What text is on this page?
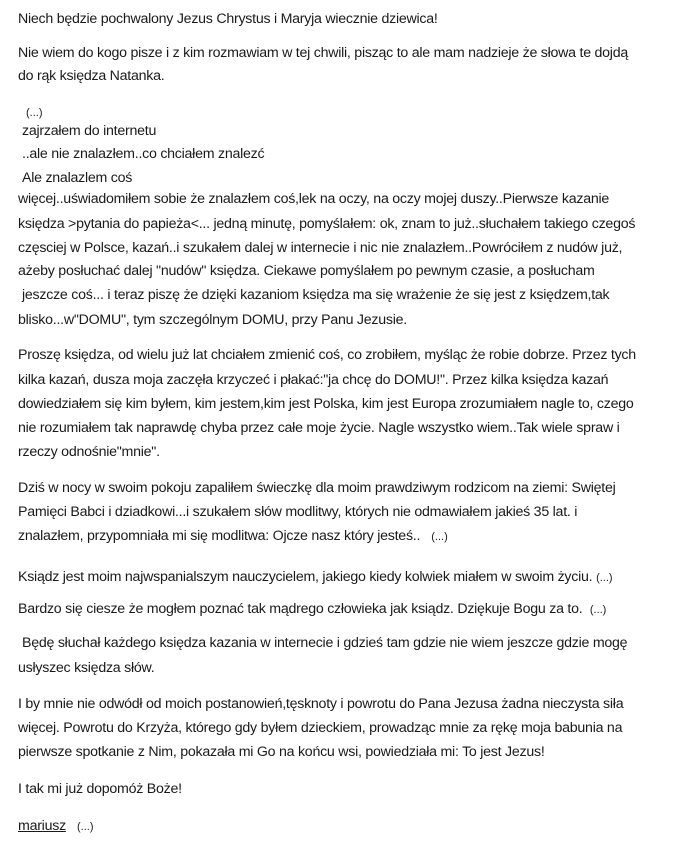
Niech będzie pochwalony Jezus Chrystus i Maryja wiecznie dziewica!
Nie wiem do kogo pisze i z kim rozmawiam w tej chwili, pisząc to ale mam nadzieje że słowa te dojdą
do rąk księdza Natanka.
(...)
zajrzałem do internetu
..ale nie znalazłem..co chciałem znalezć
Ale znalazlem coś
więcej..uświadomiłem sobie że znalazłem coś,lek na oczy, na oczy mojej duszy..Pierwsze kazanie
księdza >pytania do papieża<... jedną minutę, pomyślałem: ok, znam to już..słuchałem takiego czegoś
częsciej w Polsce, kazań..i szukałem dalej w internecie i nic nie znalazłem..Powróciłem z nudów już,
ażeby posłuchać dalej "nudów" księdza. Ciekawe pomyślałem po pewnym czasie, a posłucham
jeszcze coś... i teraz piszę że dzięki kazaniom księdza ma się wrażenie że się jest z księdzem,tak
blisko...w"DOMU", tym szczególnym DOMU, przy Panu Jezusie.
Proszę księdza, od wielu już lat chciałem zmienić coś, co zrobiłem, myśląc że robie dobrze. Przez tych
kilka kazań, dusza moja zaczęła krzyczeć i płakać:"ja chcę do DOMU!". Przez kilka księdza kazań
dowiedziałem się kim byłem, kim jestem,kim jest Polska, kim jest Europa zrozumiałem nagle to, czego
nie rozumiałem tak naprawdę chyba przez całe moje życie. Nagle wszystko wiem..Tak wiele spraw i
rzeczy odnośnie"mnie".
Dziś w nocy w swoim pokoju zapaliłem świeczkę dla moim prawdziwym rodzicom na ziemi: Swiętej
Pamięci Babci i dziadkowi...i szukałem słów modlitwy, których nie odmawiałem jakieś 35 lat. i
znalazłem, przypomniała mi się modlitwa: Ojcze nasz który jesteś.. (...)
Ksiądz jest moim najwspanialszym nauczycielem, jakiego kiedy kolwiek miałem w swoim życiu. (...)
Bardzo się ciesze że mogłem poznać tak mądrego człowieka jak ksiądz. Dziękuje Bogu za to. (...)
Będę słuchał każdego księdza kazania w internecie i gdzieś tam gdzie nie wiem jeszcze gdzie mogę
usłyszec księdza słów.
I by mnie nie odwódł od moich postanowień,tęsknoty i powrotu do Pana Jezusa żadna nieczysta siła
więcej. Powrotu do Krzyża, którego gdy byłem dzieckiem, prowadząc mnie za rękę moja babunia na
pierwsze spotkanie z Nim, pokazała mi Go na końcu wsi, powiedziała mi: To jest Jezus!
I tak mi już dopomóż Boże!
mariusz (...)
